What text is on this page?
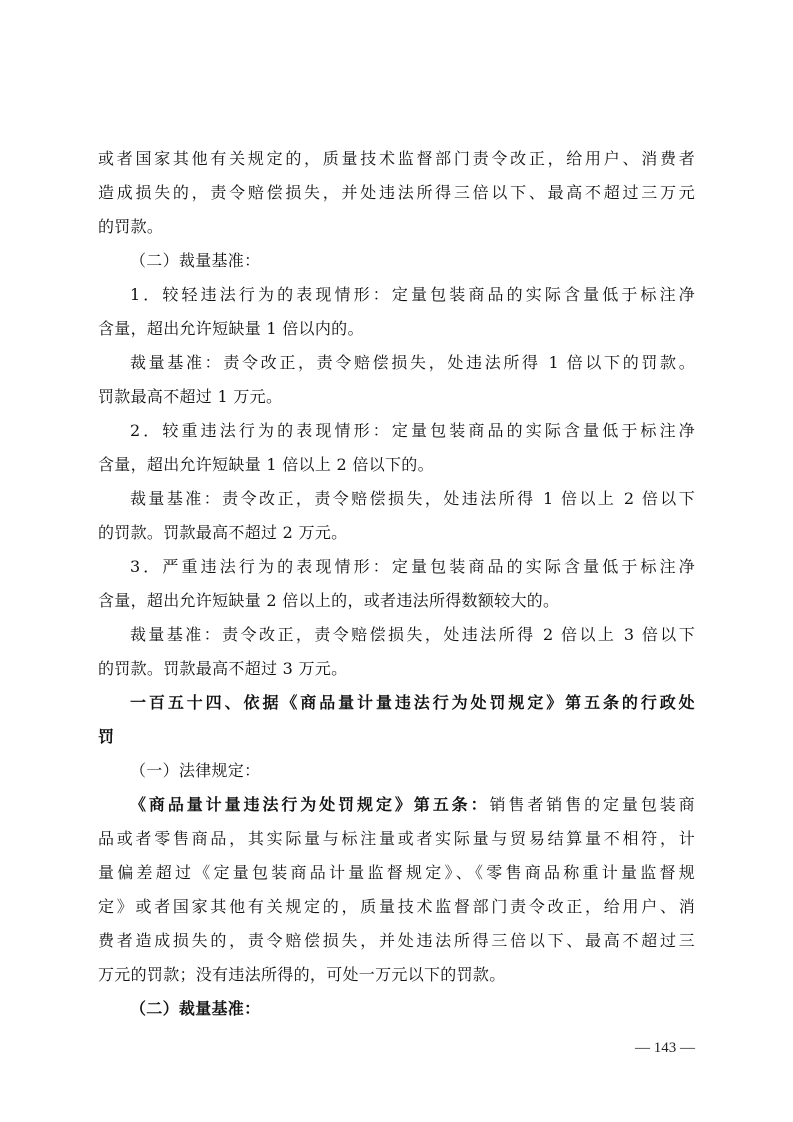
或者国家其他有关规定的，质量技术监督部门责令改正，给用户、消费者

造成损失的，责令赔偿损失，并处违法所得三倍以下、最高不超过三万元

的罚款。

（二）裁量基准：

1．较轻违法行为的表现情形：定量包装商品的实际含量低于标注净

含量，超出允许短缺量 1 倍以内的。

裁量基准：责令改正，责令赔偿损失，处违法所得 1 倍以下的罚款。

罚款最高不超过 1 万元。

2．较重违法行为的表现情形：定量包装商品的实际含量低于标注净

含量，超出允许短缺量 1 倍以上 2 倍以下的。

裁量基准：责令改正，责令赔偿损失，处违法所得 1 倍以上 2 倍以下

的罚款。罚款最高不超过 2 万元。

3．严重违法行为的表现情形：定量包装商品的实际含量低于标注净

含量，超出允许短缺量 2 倍以上的，或者违法所得数额较大的。

裁量基准：责令改正，责令赔偿损失，处违法所得 2 倍以上 3 倍以下

的罚款。罚款最高不超过 3 万元。

一百五十四、依据《商品量计量违法行为处罚规定》第五条的行政处

罚

（一）法律规定：

《商品量计量违法行为处罚规定》第五条：销售者销售的定量包装商

品或者零售商品，其实际量与标注量或者实际量与贸易结算量不相符，计

量偏差超过《定量包装商品计量监督规定》、《零售商品称重计量监督规

定》或者国家其他有关规定的，质量技术监督部门责令改正，给用户、消

费者造成损失的，责令赔偿损失，并处违法所得三倍以下、最高不超过三

万元的罚款；没有违法所得的，可处一万元以下的罚款。

（二）裁量基准：

— 143 —
